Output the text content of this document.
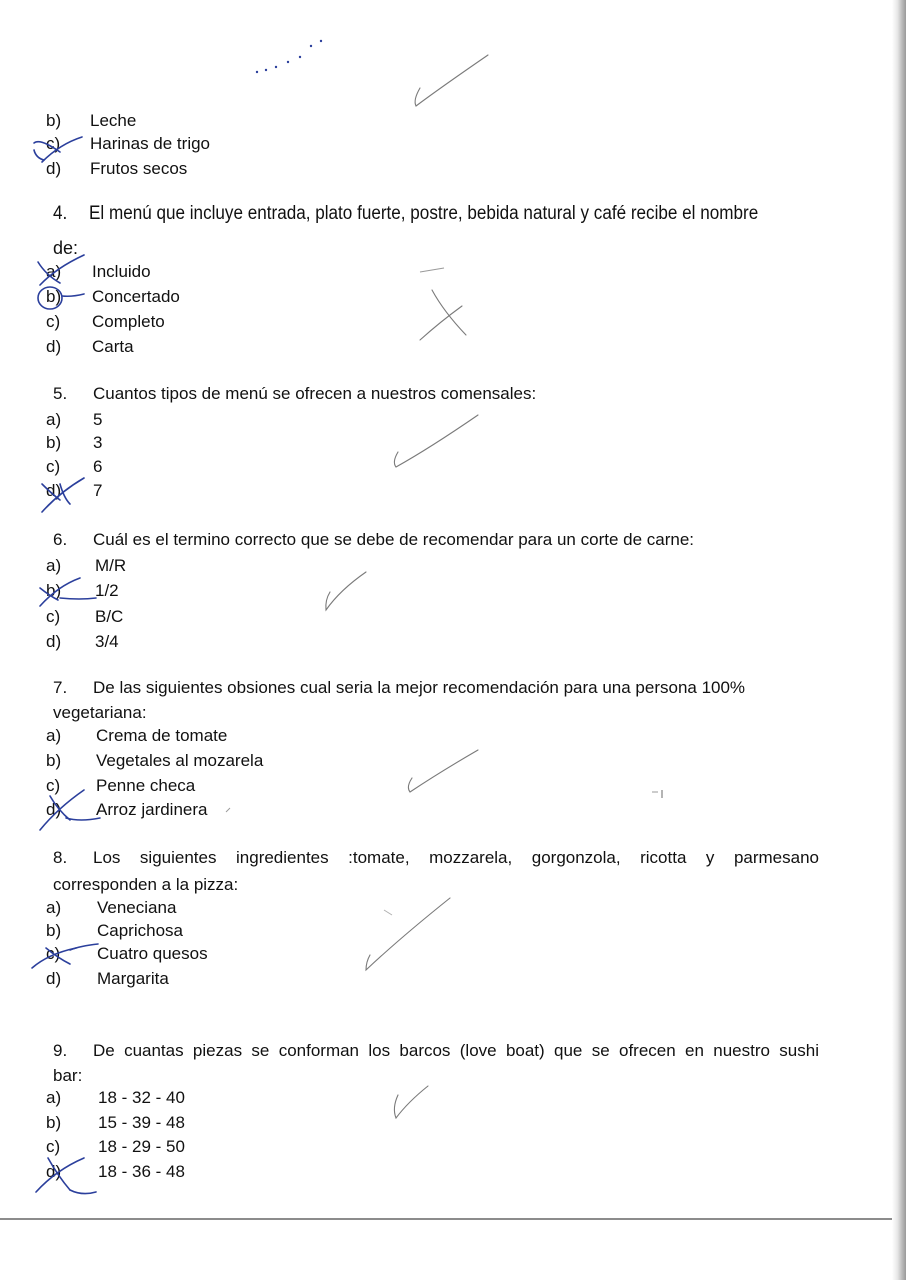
b)	Leche
c)	Harinas de trigo
d)	Frutos secos
4. El menú que incluye entrada, plato fuerte, postre, bebida natural y café recibe el nombre
de:
a)	Incluido
b)	Concertado
c)	Completo
d)	Carta
5. Cuantos tipos de menú se ofrecen a nuestros comensales:
a)	5
b)	3
c)	6
d)	7
6. Cuál es el termino correcto que se debe de recomendar para un corte de carne:
a)	M/R
b)	1/2
c)	B/C
d)	3/4
7. De las siguientes obsiones cual seria la mejor recomendación para una persona 100%
vegetariana:
a)	Crema de tomate
b)	Vegetales al mozarela
c)	Penne checa
d)	Arroz jardinera
8. Los siguientes ingredientes :tomate, mozzarela, gorgonzola, ricotta y parmesano
corresponden a la pizza:
a)	Veneciana
b)	Caprichosa
c)	Cuatro quesos
d)	Margarita
9. De cuantas piezas se conforman los barcos (love boat) que se ofrecen en nuestro sushi
bar:
a)	18 - 32 - 40
b)	15 - 39 - 48
c)	18 - 29 - 50
d)	18 - 36 - 48
